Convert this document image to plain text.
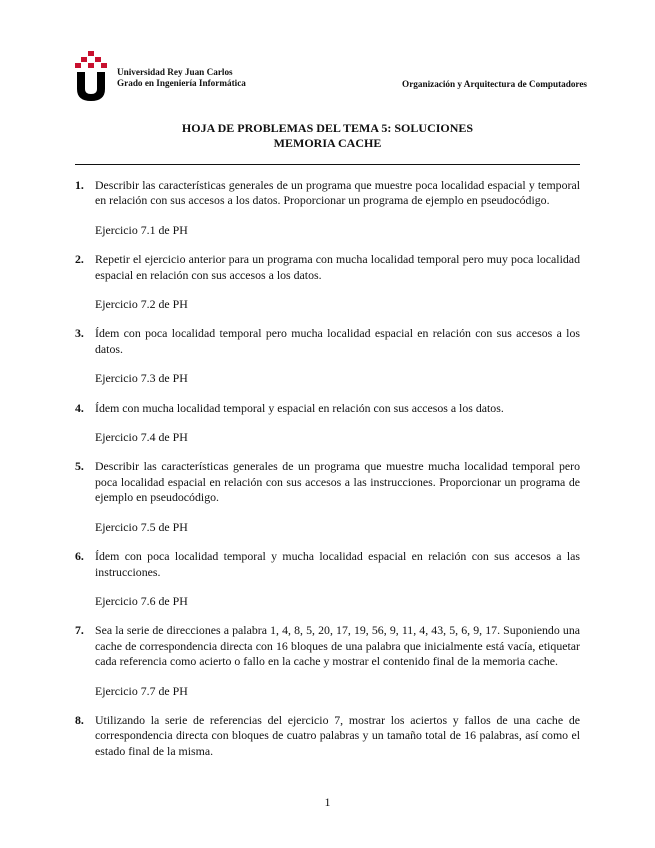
Universidad Rey Juan Carlos
Grado en Ingeniería Informática	Organización y Arquitectura de Computadores
HOJA DE PROBLEMAS DEL TEMA 5: SOLUCIONES
MEMORIA CACHE
1. Describir las características generales de un programa que muestre poca localidad espacial y temporal en relación con sus accesos a los datos. Proporcionar un programa de ejemplo en pseudocódigo.

Ejercicio 7.1 de PH

2. Repetir el ejercicio anterior para un programa con mucha localidad temporal pero muy poca localidad espacial en relación con sus accesos a los datos.

Ejercicio 7.2 de PH

3. Ídem con poca localidad temporal pero mucha localidad espacial en relación con sus accesos a los datos.

Ejercicio 7.3 de PH

4. Ídem con mucha localidad temporal y espacial en relación con sus accesos a los datos.

Ejercicio 7.4 de PH

5. Describir las características generales de un programa que muestre mucha localidad temporal pero poca localidad espacial en relación con sus accesos a las instrucciones. Proporcionar un programa de ejemplo en pseudocódigo.

Ejercicio 7.5 de PH

6. Ídem con poca localidad temporal y mucha localidad espacial en relación con sus accesos a las instrucciones.

Ejercicio 7.6 de PH

7. Sea la serie de direcciones a palabra 1, 4, 8, 5, 20, 17, 19, 56, 9, 11, 4, 43, 5, 6, 9, 17. Suponiendo una cache de correspondencia directa con 16 bloques de una palabra que inicialmente está vacía, etiquetar cada referencia como acierto o fallo en la cache y mostrar el contenido final de la memoria cache.

Ejercicio 7.7 de PH

8. Utilizando la serie de referencias del ejercicio 7, mostrar los aciertos y fallos de una cache de correspondencia directa con bloques de cuatro palabras y un tamaño total de 16 palabras, así como el estado final de la misma.

1
